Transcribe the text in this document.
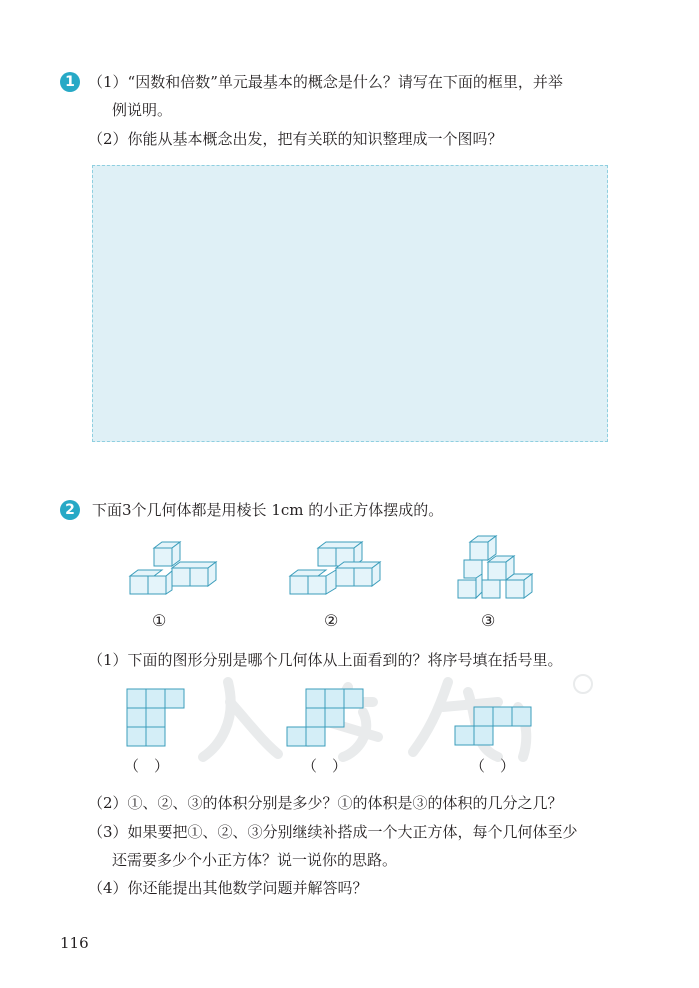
1 （1）“因数和倍数”单元最基本的概念是什么？请写在下面的框里，并举
例说明。
（2）你能从基本概念出发，把有关联的知识整理成一个图吗？
2	下面3个几何体都是用棱长 1cm 的小正方体摆成的。
①	②	③
（1）下面的图形分别是哪个几何体从上面看到的？将序号填在括号里。
（　）	（　）	（　）
（2）①、②、③的体积分别是多少？①的体积是③的体积的几分之几？
（3）如果要把①、②、③分别继续补搭成一个大正方体，每个几何体至少
还需要多少个小正方体？说一说你的思路。
（4）你还能提出其他数学问题并解答吗？
116
